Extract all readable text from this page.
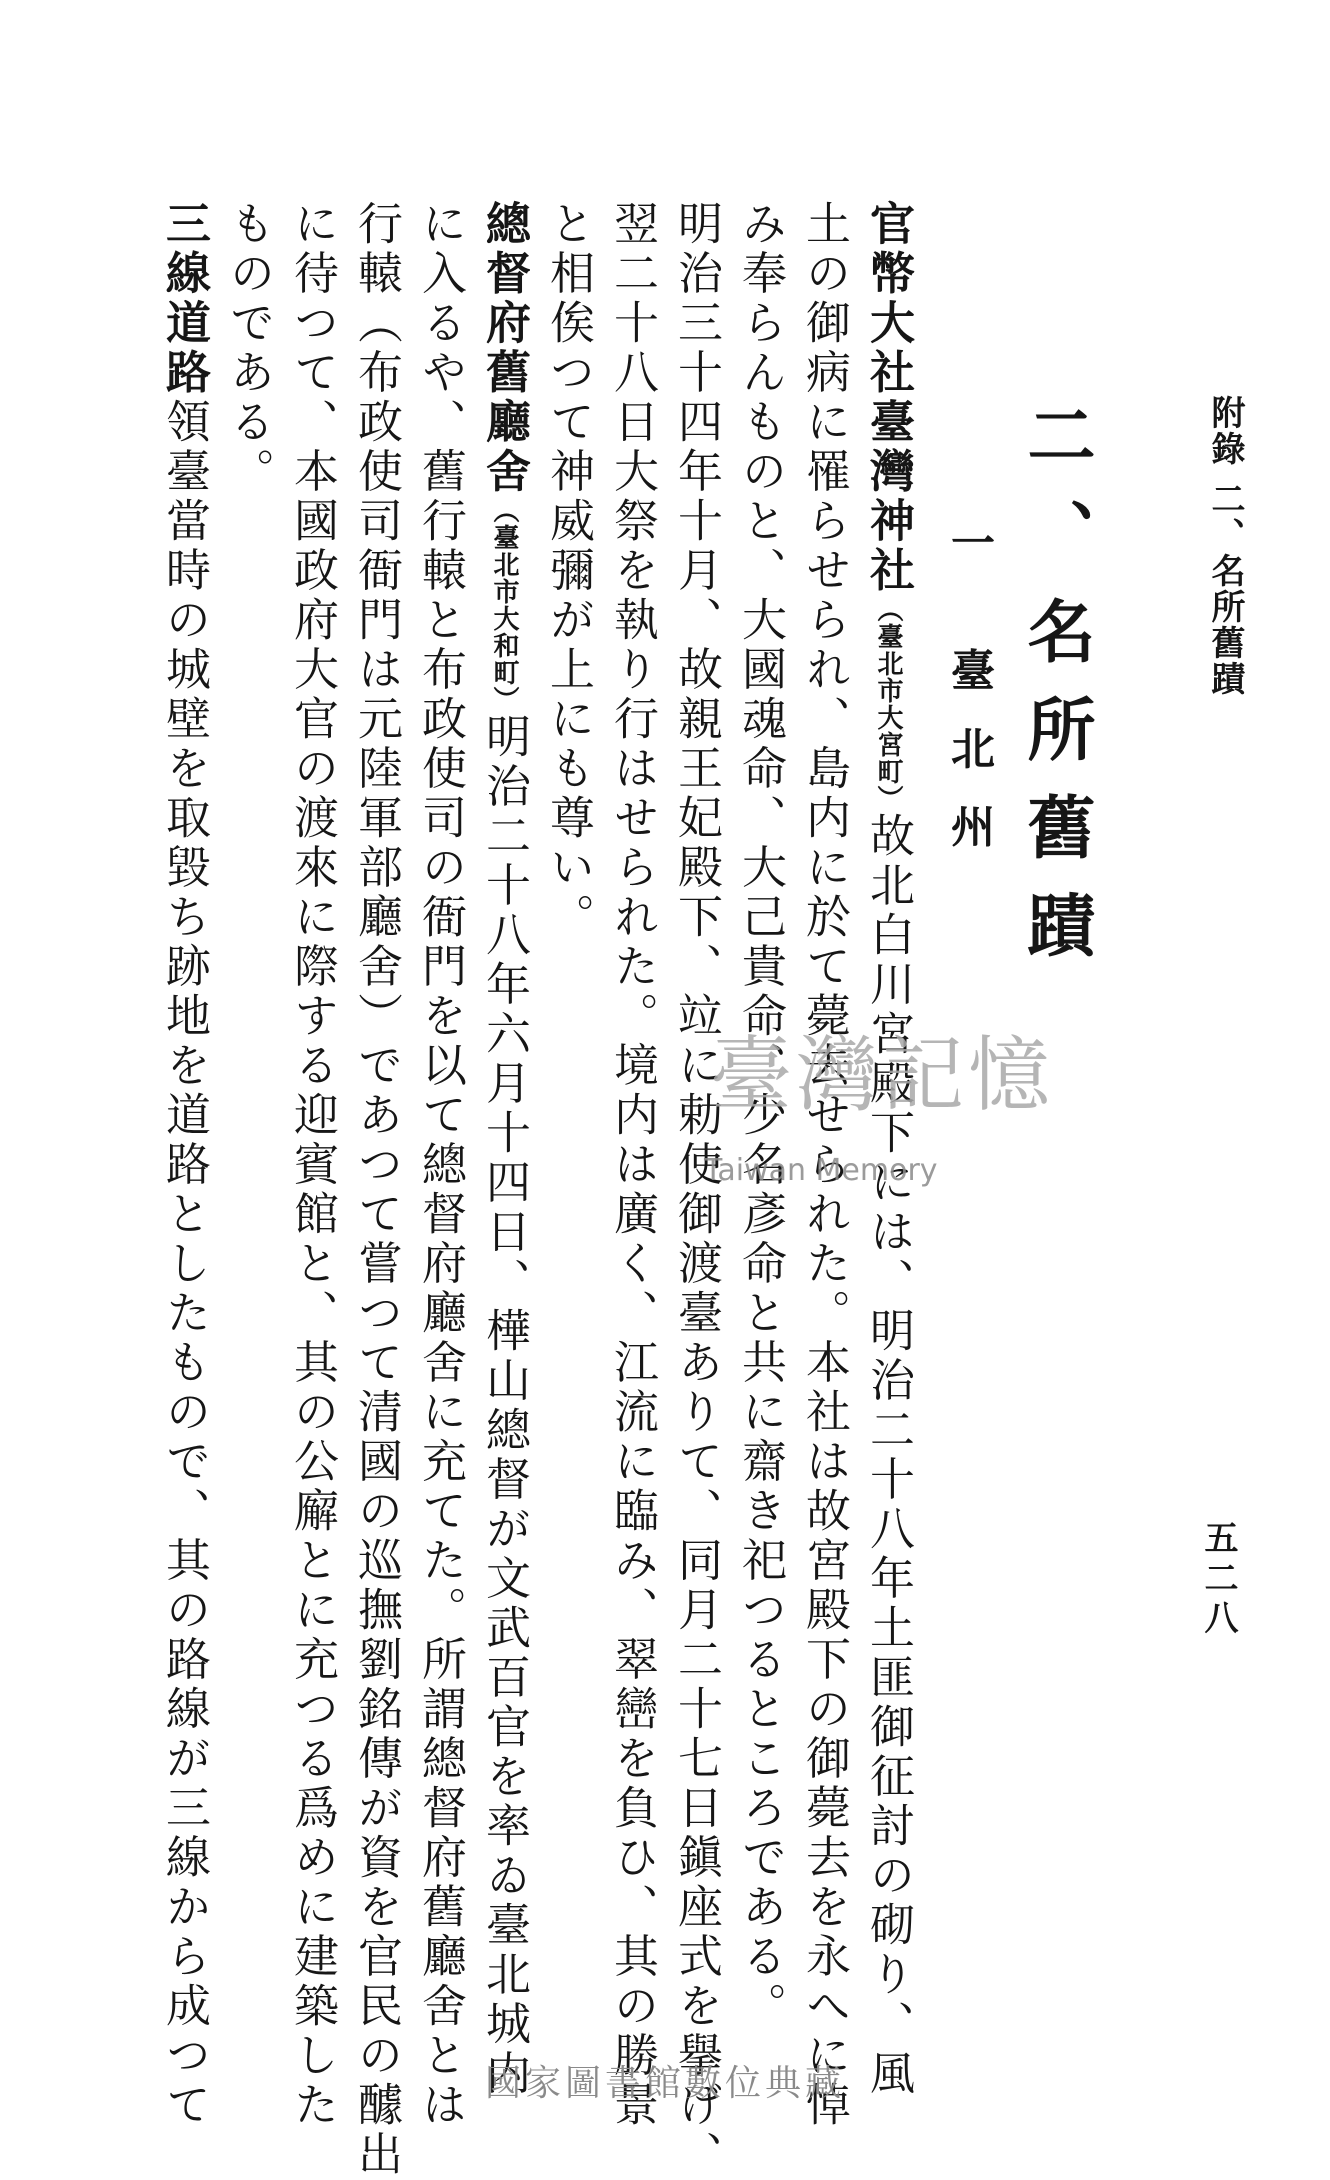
附錄 二、名所舊蹟
五二八
二、名所舊蹟
一 臺北州
官幣大社臺灣神社（臺北市大宮町）故北白川宮殿下には、明治二十八年土匪御征討の砌り、風
土の御病に罹らせられ、島内に於て薨去せられた。本社は故宮殿下の御薨去を永へに悼
み奉らんものと、大國魂命、大己貴命、少名彥命と共に齋き祀つるところである。
明治三十四年十月、故親王妃殿下、竝に勅使御渡臺ありて、同月二十七日鎭座式を擧げ、
翌二十八日大祭を執り行はせられた。境内は廣く、江流に臨み、翠巒を負ひ、其の勝景
と相俟つて神威彌が上にも尊い。
總督府舊廳舍（臺北市大和町）明治二十八年六月十四日、樺山總督が文武百官を率ゐ臺北城内
に入るや、舊行轅と布政使司の衙門を以て總督府廳舍に充てた。所謂總督府舊廳舍とは
行轅（布政使司衙門は元陸軍部廳舍）であつて嘗つて清國の巡撫劉銘傳が資を官民の醵出
に待つて、本國政府大官の渡來に際する迎賓館と、其の公廨とに充つる爲めに建築した
ものである。
三線道路領臺當時の城壁を取毀ち跡地を道路としたもので、其の路線が三線から成つて	臺灣記憶
Taiwan Memory
國家圖書館數位典藏
